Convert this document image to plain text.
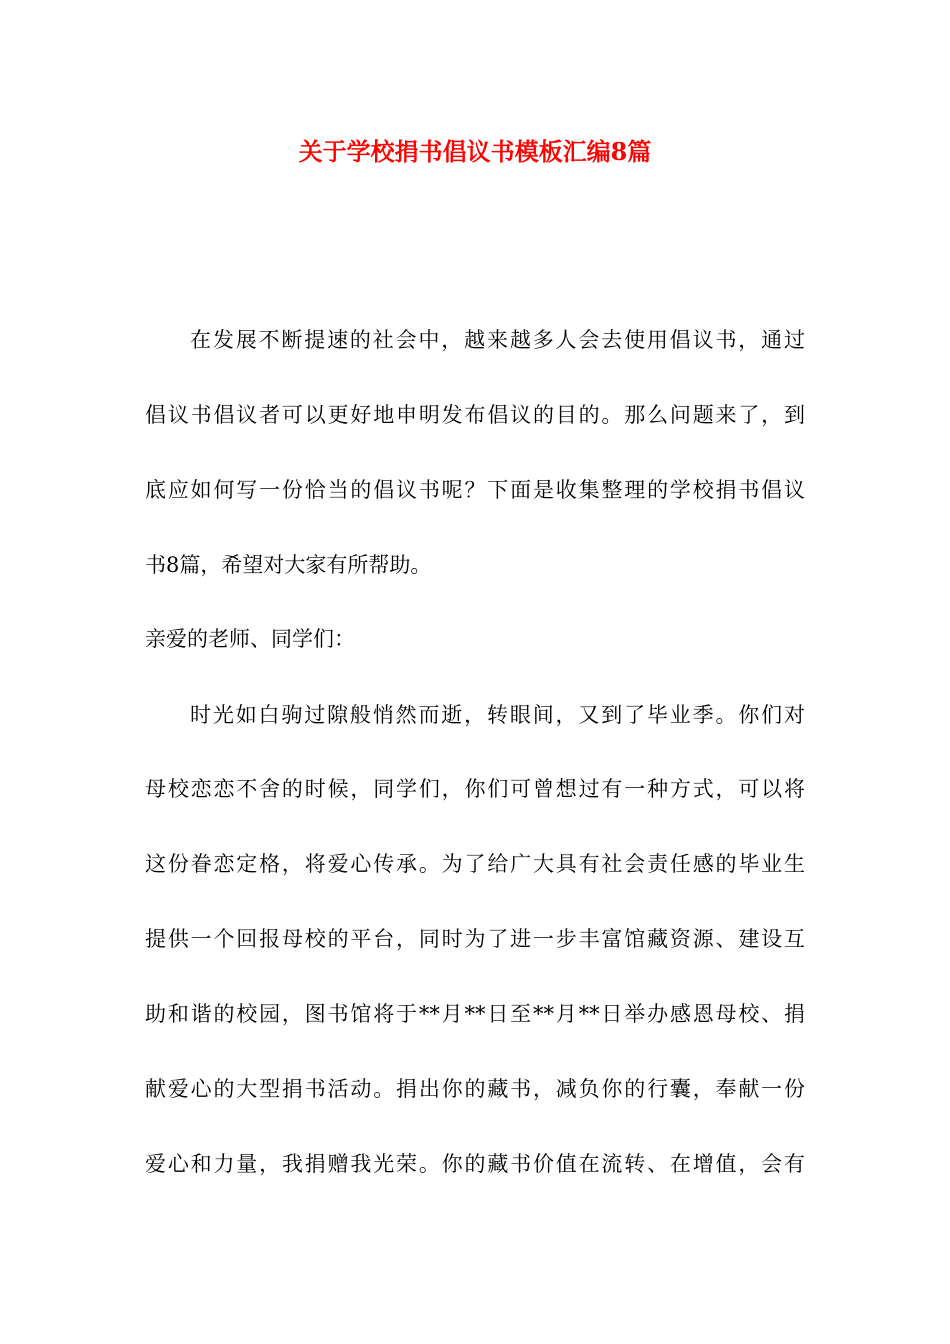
关于学校捐书倡议书模板汇编8篇

在发展不断提速的社会中，越来越多人会去使用倡议书，通过

倡议书倡议者可以更好地申明发布倡议的目的。那么问题来了，到

底应如何写一份恰当的倡议书呢？下面是收集整理的学校捐书倡议

书8篇，希望对大家有所帮助。

亲爱的老师、同学们：

时光如白驹过隙般悄然而逝，转眼间，又到了毕业季。你们对

母校恋恋不舍的时候，同学们，你们可曾想过有一种方式，可以将

这份眷恋定格，将爱心传承。为了给广大具有社会责任感的毕业生

提供一个回报母校的平台，同时为了进一步丰富馆藏资源、建设互

助和谐的校园，图书馆将于**月**日至**月**日举办感恩母校、捐

献爱心的大型捐书活动。捐出你的藏书，减负你的行囊，奉献一份

爱心和力量，我捐赠我光荣。你的藏书价值在流转、在增值，会有
